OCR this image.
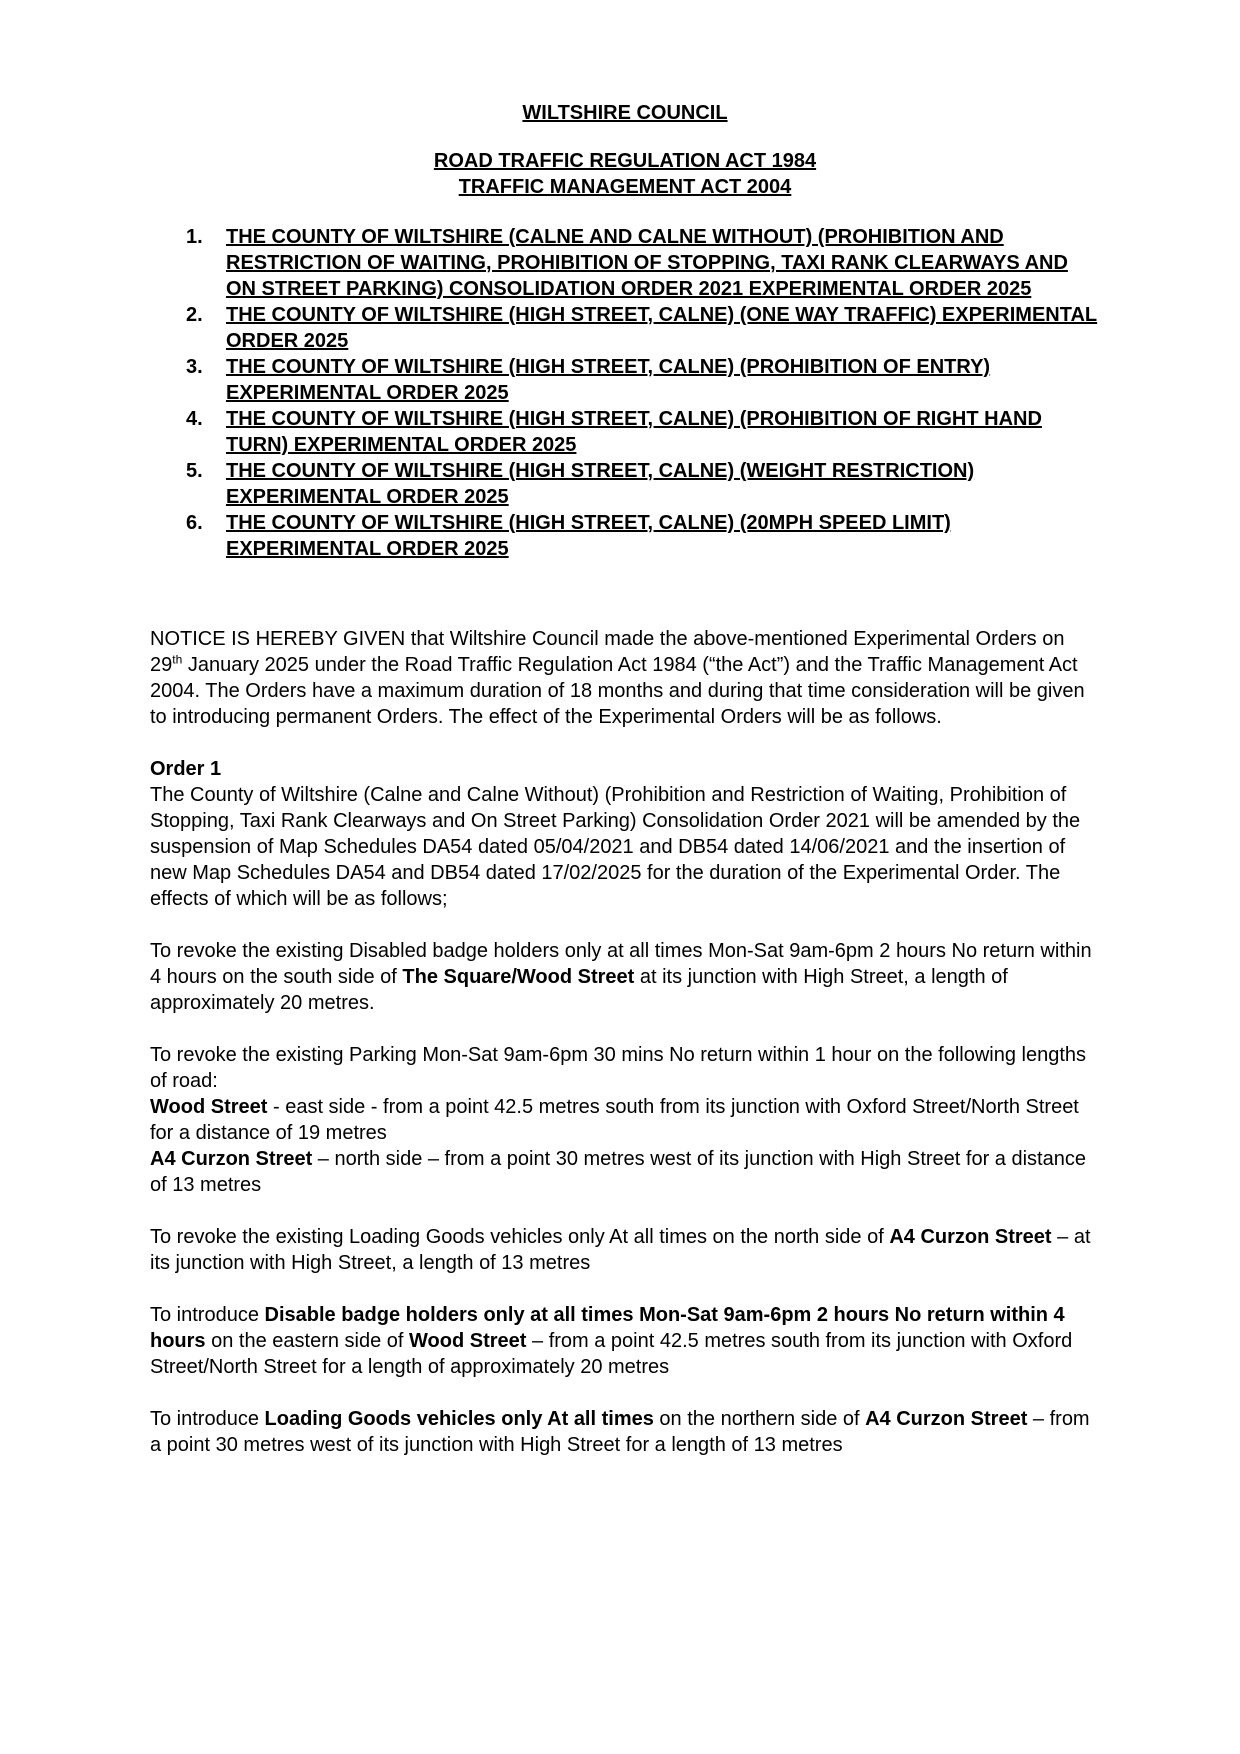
WILTSHIRE COUNCIL
ROAD TRAFFIC REGULATION ACT 1984
TRAFFIC MANAGEMENT ACT 2004
1. THE COUNTY OF WILTSHIRE (CALNE AND CALNE WITHOUT) (PROHIBITION AND RESTRICTION OF WAITING, PROHIBITION OF STOPPING, TAXI RANK CLEARWAYS AND ON STREET PARKING) CONSOLIDATION ORDER 2021 EXPERIMENTAL ORDER 2025
2. THE COUNTY OF WILTSHIRE (HIGH STREET, CALNE) (ONE WAY TRAFFIC) EXPERIMENTAL ORDER 2025
3. THE COUNTY OF WILTSHIRE (HIGH STREET, CALNE) (PROHIBITION OF ENTRY) EXPERIMENTAL ORDER 2025
4. THE COUNTY OF WILTSHIRE (HIGH STREET, CALNE) (PROHIBITION OF RIGHT HAND TURN) EXPERIMENTAL ORDER 2025
5. THE COUNTY OF WILTSHIRE (HIGH STREET, CALNE) (WEIGHT RESTRICTION) EXPERIMENTAL ORDER 2025
6. THE COUNTY OF WILTSHIRE (HIGH STREET, CALNE) (20MPH SPEED LIMIT) EXPERIMENTAL ORDER 2025

NOTICE IS HEREBY GIVEN that Wiltshire Council made the above-mentioned Experimental Orders on 29th January 2025 under the Road Traffic Regulation Act 1984 (“the Act”) and the Traffic Management Act 2004. The Orders have a maximum duration of 18 months and during that time consideration will be given to introducing permanent Orders. The effect of the Experimental Orders will be as follows.

Order 1
The County of Wiltshire (Calne and Calne Without) (Prohibition and Restriction of Waiting, Prohibition of Stopping, Taxi Rank Clearways and On Street Parking) Consolidation Order 2021 will be amended by the suspension of Map Schedules DA54 dated 05/04/2021 and DB54 dated 14/06/2021 and the insertion of new Map Schedules DA54 and DB54 dated 17/02/2025 for the duration of the Experimental Order. The effects of which will be as follows;

To revoke the existing Disabled badge holders only at all times Mon-Sat 9am-6pm 2 hours No return within 4 hours on the south side of The Square/Wood Street at its junction with High Street, a length of approximately 20 metres.

To revoke the existing Parking Mon-Sat 9am-6pm 30 mins No return within 1 hour on the following lengths of road:
Wood Street - east side - from a point 42.5 metres south from its junction with Oxford Street/North Street for a distance of 19 metres
A4 Curzon Street – north side – from a point 30 metres west of its junction with High Street for a distance of 13 metres

To revoke the existing Loading Goods vehicles only At all times on the north side of A4 Curzon Street – at its junction with High Street, a length of 13 metres

To introduce Disable badge holders only at all times Mon-Sat 9am-6pm 2 hours No return within 4 hours on the eastern side of Wood Street – from a point 42.5 metres south from its junction with Oxford Street/North Street for a length of approximately 20 metres

To introduce Loading Goods vehicles only At all times on the northern side of A4 Curzon Street – from a point 30 metres west of its junction with High Street for a length of 13 metres
